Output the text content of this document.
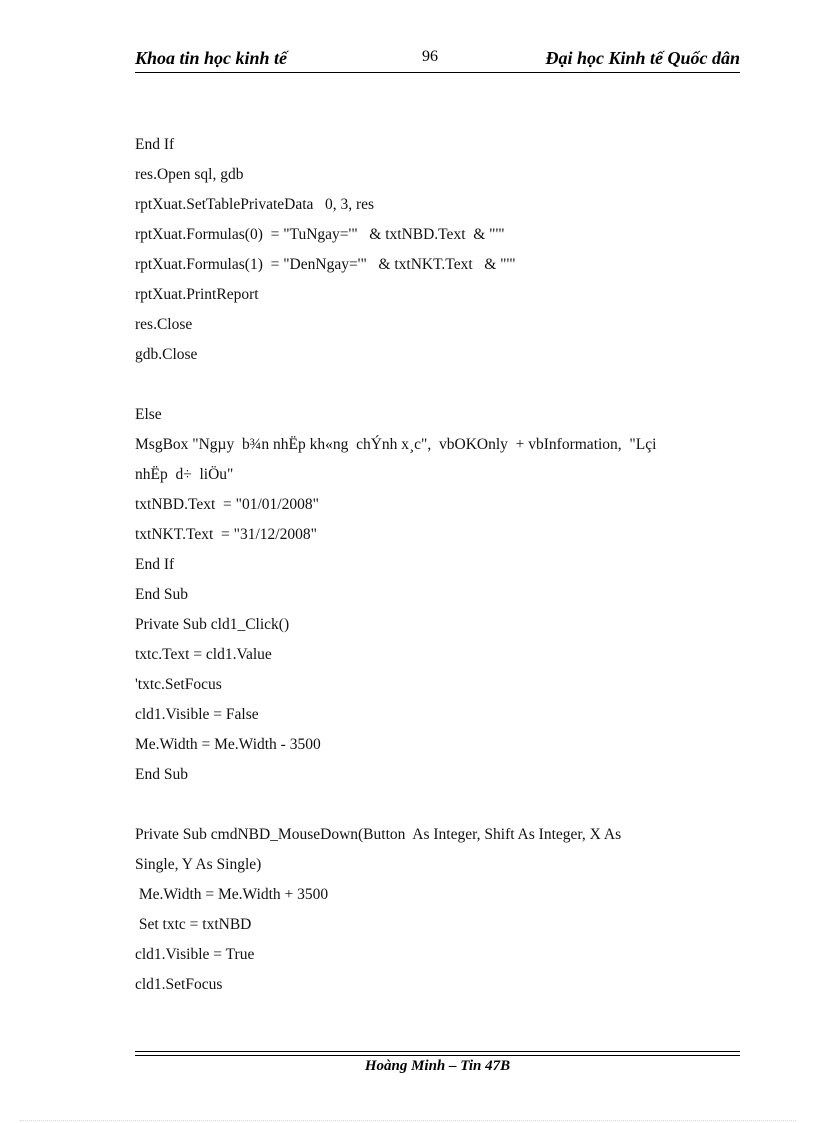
Khoa tin học kinh tế	96	Đại học Kinh tế Quốc dân
End If
res.Open sql, gdb
rptXuat.SetTablePrivateData   0, 3, res
rptXuat.Formulas(0)  = "TuNgay='"   & txtNBD.Text  & "'"
rptXuat.Formulas(1)  = "DenNgay='"   & txtNKT.Text   & "'"
rptXuat.PrintReport
res.Close
gdb.Close
Else
MsgBox "Ngµy  b¾n nhËp kh«ng  chÝnh x¸c",  vbOKOnly  + vbInformation,  "Lçi
nhËp  d÷  liÖu"
txtNBD.Text  = "01/01/2008"
txtNKT.Text  = "31/12/2008"
End If
End Sub
Private Sub cld1_Click()
txtc.Text = cld1.Value
'txtc.SetFocus
cld1.Visible = False
Me.Width = Me.Width - 3500
End Sub
Private Sub cmdNBD_MouseDown(Button  As Integer, Shift As Integer, X As
Single, Y As Single)
Me.Width = Me.Width + 3500
Set txtc = txtNBD
cld1.Visible = True
cld1.SetFocus
Hoàng Minh – Tin 47B
